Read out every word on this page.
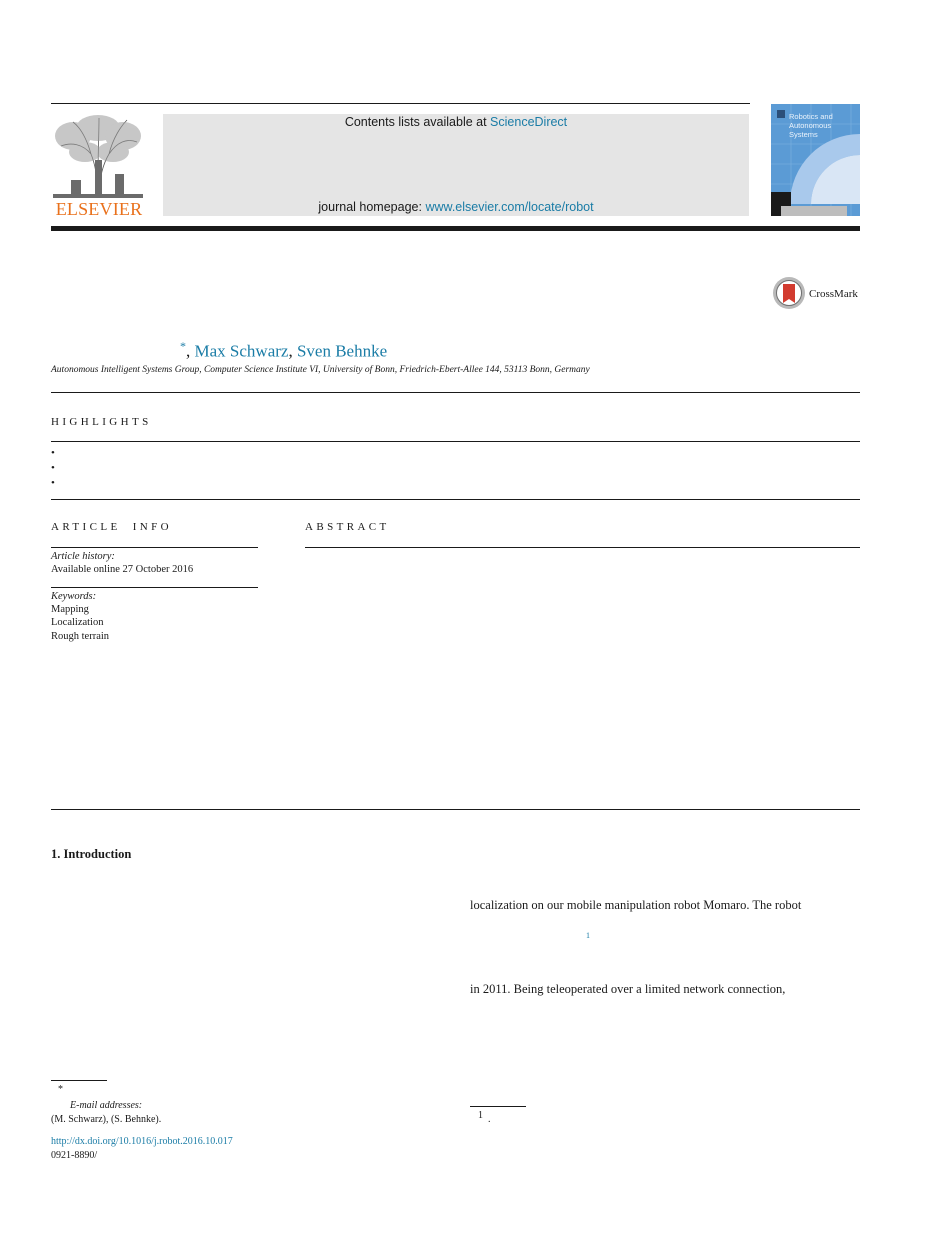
ELSEVIER
Contents lists available at ScienceDirect
journal homepage: www.elsevier.com/locate/robot
Robotics and
Autonomous Systems
CrossMark
*, Max Schwarz, Sven Behnke
Autonomous Intelligent Systems Group, Computer Science Institute VI, University of Bonn, Friedrich-Ebert-Allee 144, 53113 Bonn, Germany
HIGHLIGHTS
•
•
•
ARTICLE INFO
Article history:
Available online 27 October 2016
Keywords:
Mapping
Localization
Rough terrain
ABSTRACT
1. Introduction
localization on our mobile manipulation robot Momaro. The robot
1
in 2011. Being teleoperated over a limited network connection,
*
E-mail addresses:
(M. Schwarz), (S. Behnke).
http://dx.doi.org/10.1016/j.robot.2016.10.017
0921-8890/
1 .
